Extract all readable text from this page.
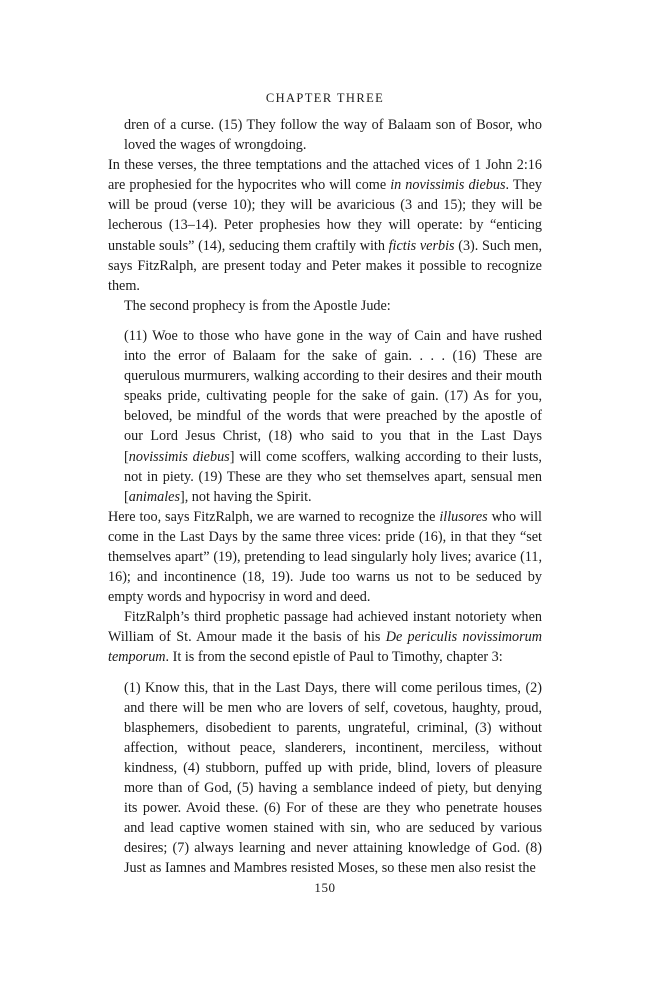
CHAPTER THREE

dren of a curse. (15) They follow the way of Balaam son of Bosor, who loved the wages of wrongdoing.

In these verses, the three temptations and the attached vices of 1 John 2:16 are prophesied for the hypocrites who will come in novissimis diebus. They will be proud (verse 10); they will be avaricious (3 and 15); they will be lecherous (13–14). Peter prophesies how they will operate: by “enticing unstable souls” (14), seducing them craftily with fictis verbis (3). Such men, says FitzRalph, are present today and Peter makes it possible to recognize them.

The second prophecy is from the Apostle Jude:

(11) Woe to those who have gone in the way of Cain and have rushed into the error of Balaam for the sake of gain. . . . (16) These are querulous murmurers, walking according to their desires and their mouth speaks pride, cultivating people for the sake of gain. (17) As for you, beloved, be mindful of the words that were preached by the apostle of our Lord Jesus Christ, (18) who said to you that in the Last Days [novissimis diebus] will come scoffers, walking according to their lusts, not in piety. (19) These are they who set themselves apart, sensual men [animales], not having the Spirit.

Here too, says FitzRalph, we are warned to recognize the illusores who will come in the Last Days by the same three vices: pride (16), in that they “set themselves apart” (19), pretending to lead singularly holy lives; avarice (11, 16); and incontinence (18, 19). Jude too warns us not to be seduced by empty words and hypocrisy in word and deed.

FitzRalph’s third prophetic passage had achieved instant notoriety when William of St. Amour made it the basis of his De periculis novissimorum temporum. It is from the second epistle of Paul to Timothy, chapter 3:

(1) Know this, that in the Last Days, there will come perilous times, (2) and there will be men who are lovers of self, covetous, haughty, proud, blasphemers, disobedient to parents, ungrateful, criminal, (3) without affection, without peace, slanderers, incontinent, merciless, without kindness, (4) stubborn, puffed up with pride, blind, lovers of pleasure more than of God, (5) having a semblance indeed of piety, but denying its power. Avoid these. (6) For of these are they who penetrate houses and lead captive women stained with sin, who are seduced by various desires; (7) always learning and never attaining knowledge of God. (8) Just as Iamnes and Mambres resisted Moses, so these men also resist the

150
